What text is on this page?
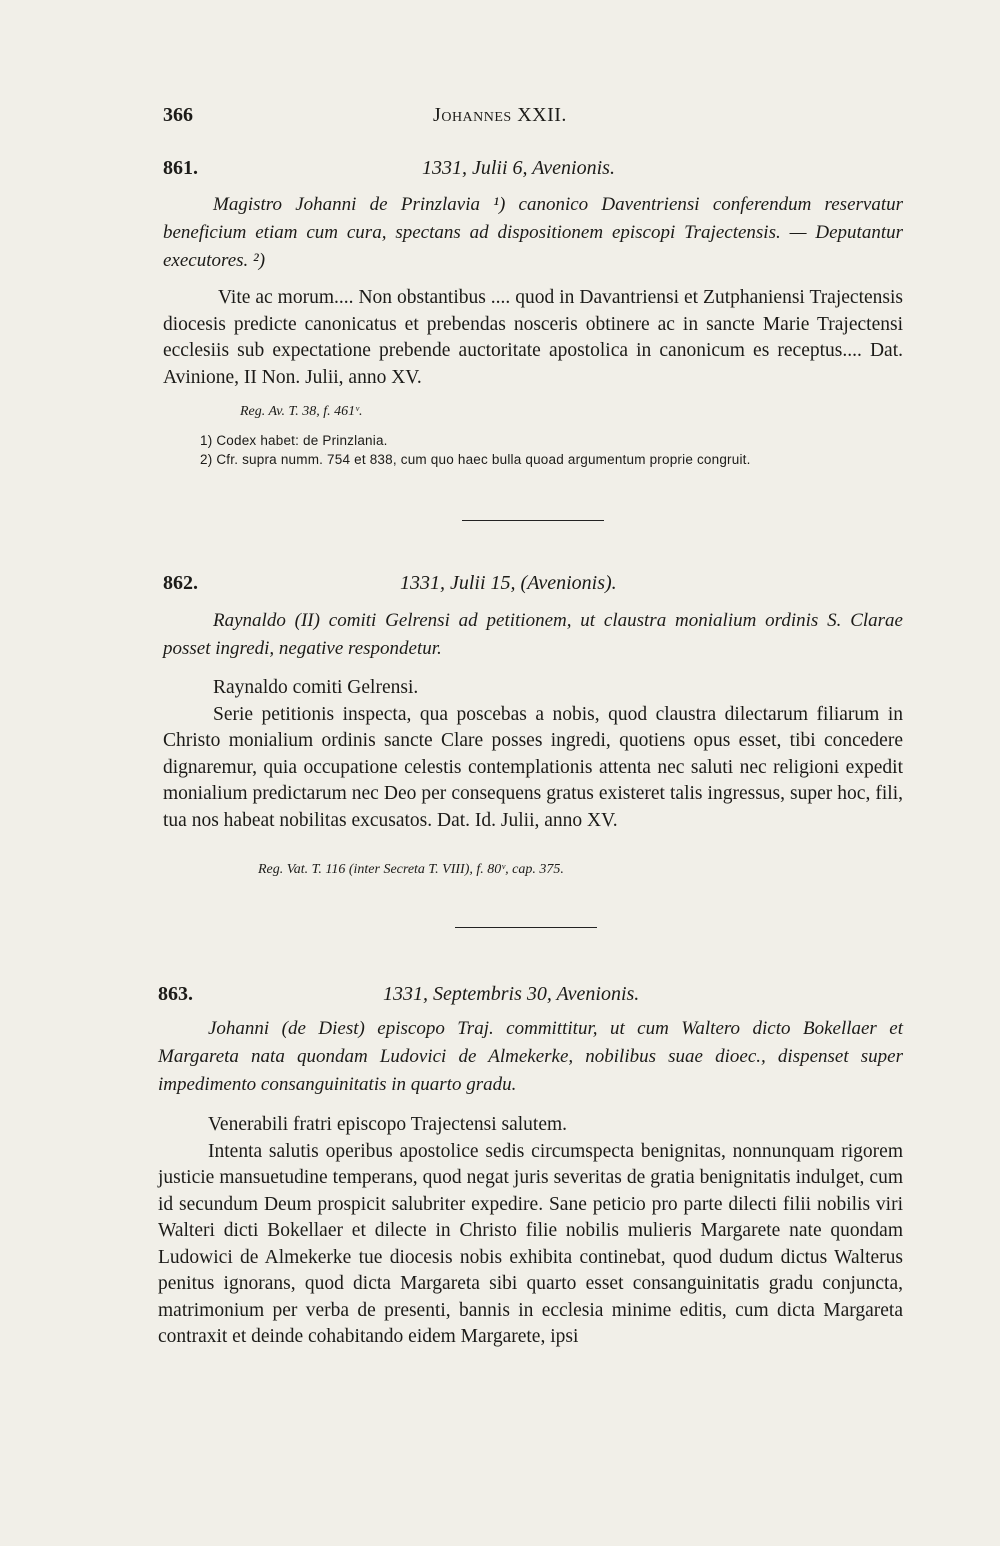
366	Johannes XXII.
861.	1331, Julii 6, Avenionis.

Magistro Johanni de Prinzlavia ¹) canonico Daventriensi conferendum reservatur beneficium etiam cum cura, spectans ad dispositionem episcopi Trajectensis. — Deputantur executores. ²)

Vite ac morum.... Non obstantibus .... quod in Davantriensi et Zutphaniensi Trajectensis diocesis predicte canonicatus et prebendas nosceris obtinere ac in sancte Marie Trajectensi ecclesiis sub expectatione prebende auctoritate apostolica in canonicum es receptus.... Dat. Avinione, II Non. Julii, anno XV.

Reg. Av. T. 38, f. 461ᵛ.
1) Codex habet: de Prinzlania.
2) Cfr. supra numm. 754 et 838, cum quo haec bulla quoad argumentum proprie congruit.
862.	1331, Julii 15, (Avenionis).

Raynaldo (II) comiti Gelrensi ad petitionem, ut claustra monialium ordinis S. Clarae posset ingredi, negative respondetur.

Raynaldo comiti Gelrensi.

Serie petitionis inspecta, qua poscebas a nobis, quod claustra dilectarum filiarum in Christo monialium ordinis sancte Clare posses ingredi, quotiens opus esset, tibi concedere dignaremur, quia occupatione celestis contemplationis attenta nec saluti nec religioni expedit monialium predictarum nec Deo per consequens gratus existeret talis ingressus, super hoc, fili, tua nos habeat nobilitas excusatos. Dat. Id. Julii, anno XV.

Reg. Vat. T. 116 (inter Secreta T. VIII), f. 80ᵛ, cap. 375.
863.	1331, Septembris 30, Avenionis.

Johanni (de Diest) episcopo Traj. committitur, ut cum Waltero dicto Bokellaer et Margareta nata quondam Ludovici de Almekerke, nobilibus suae dioec., dispenset super impedimento consanguinitatis in quarto gradu.

Venerabili fratri episcopo Trajectensi salutem.

Intenta salutis operibus apostolice sedis circumspecta benignitas, nonnunquam rigorem justicie mansuetudine temperans, quod negat juris severitas de gratia benignitatis indulget, cum id secundum Deum prospicit salubriter expedire. Sane peticio pro parte dilecti filii nobilis viri Walteri dicti Bokellaer et dilecte in Christo filie nobilis mulieris Margarete nate quondam Ludowici de Almekerke tue diocesis nobis exhibita continebat, quod dudum dictus Walterus penitus ignorans, quod dicta Margareta sibi quarto esset consanguinitatis gradu conjuncta, matrimonium per verba de presenti, bannis in ecclesia minime editis, cum dicta Margareta contraxit et deinde cohabitando eidem Margarete, ipsi
